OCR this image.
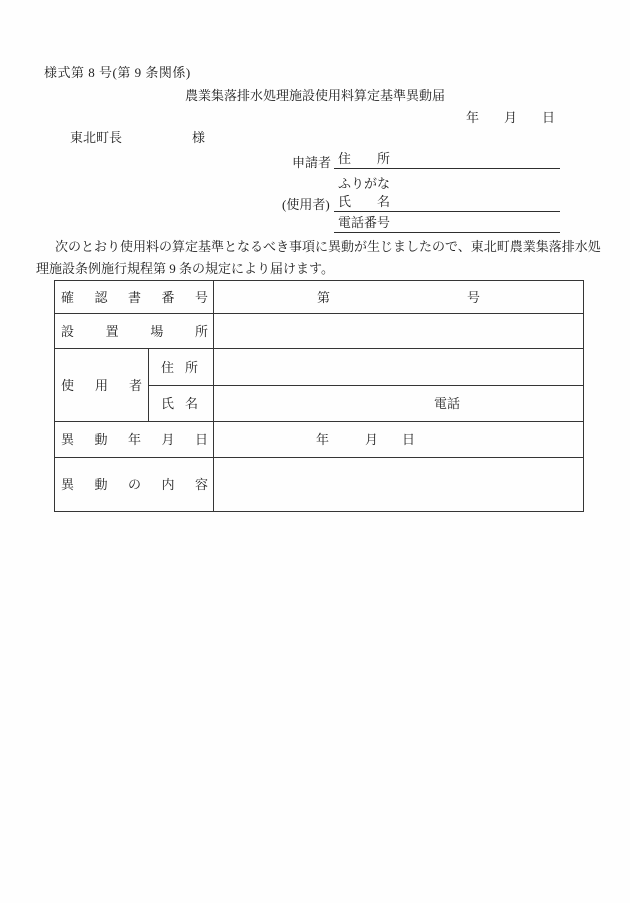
様式第 8 号(第 9 条関係)
農業集落排水処理施設使用料算定基準異動届
年 月 日
東北町長	様
申請者 住　　所
ふりがな
(使用者) 氏　　名
電話番号
次のとおり使用料の算定基準となるべき事項に異動が生じましたので、東北町農業集落排水処
理施設条例施行規程第 9 条の規定により届けます。
確 認 書 番 号		第 号

設 置 場 所		

使 用 者	住 所	

	氏 名	電話

異 動 年 月 日		年 月 日

異 動 の 内 容		
